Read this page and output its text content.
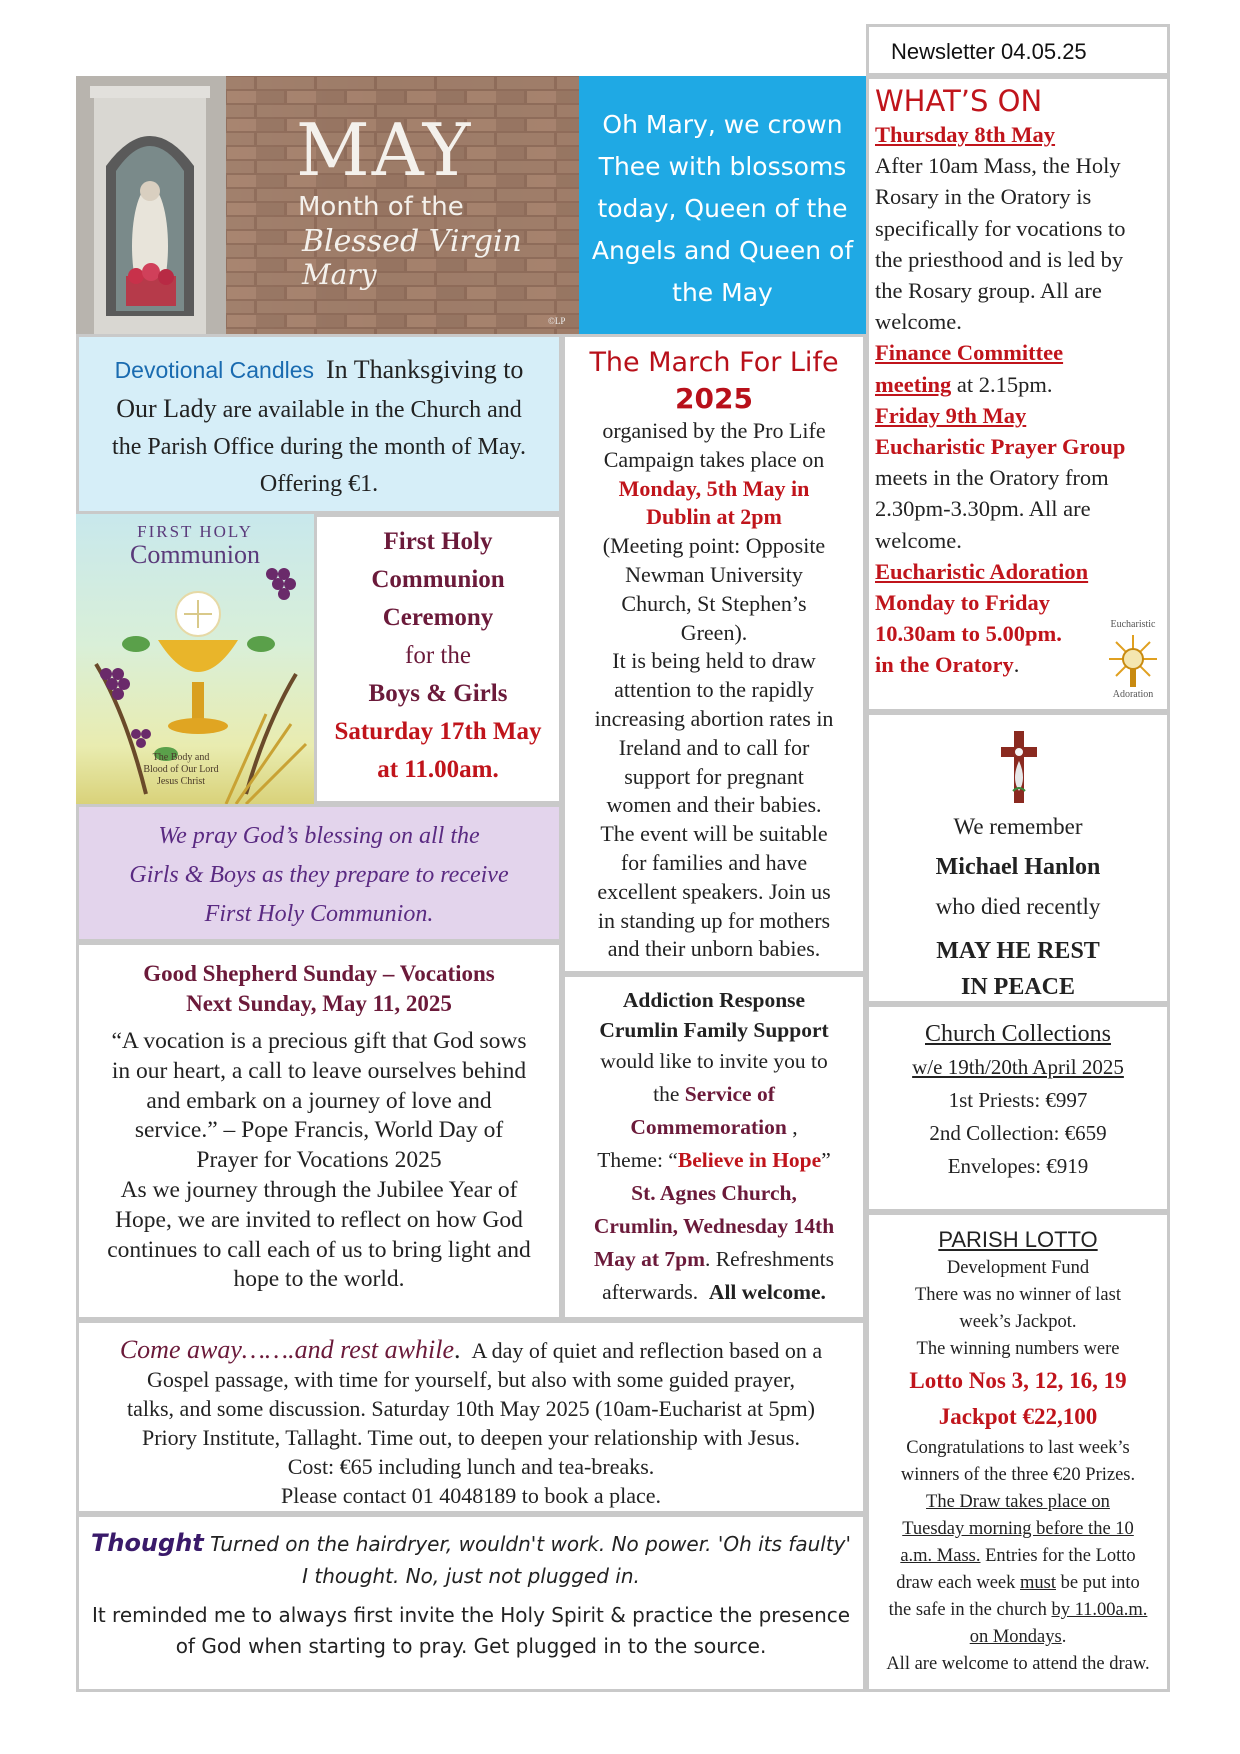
Newsletter 04.05.25
MAY
Month of the
Blessed Virgin
Mary
©LP
Oh Mary, we crown Thee with blossoms today, Queen of the Angels and Queen of the May

Devotional Candles In Thanksgiving to

Our Lady are available in the Church and

the Parish Office during the month of May.

Offering €1.

FIRST HOLY
Communion

The Body and

Blood of Our Lord

Jesus Christ

First Holy

Communion

Ceremony

for the

Boys & Girls

Saturday 17th May

at 11.00am.

We pray God’s blessing on all the

Girls & Boys as they prepare to receive

First Holy Communion.

The March For Life

2025

organised by the Pro Life

Campaign takes place on

Monday, 5th May in

Dublin at 2pm

(Meeting point: Opposite

Newman University

Church, St Stephen’s

Green).

It is being held to draw

attention to the rapidly

increasing abortion rates in

Ireland and to call for

support for pregnant

women and their babies.

The event will be suitable

for families and have

excellent speakers. Join us

in standing up for mothers

and their unborn babies.

WHAT’S ON

Thursday 8th May

After 10am Mass, the Holy

Rosary in the Oratory is

specifically for vocations to

the priesthood and is led by

the Rosary group. All are

welcome.

Finance Committee

meeting at 2.15pm.

Friday 9th May

Eucharistic Prayer Group

meets in the Oratory from

2.30pm-3.30pm. All are

welcome.

Eucharistic Adoration

Monday to Friday

10.30am to 5.00pm.

in the Oratory.

Eucharistic
Adoration

We remember

Michael Hanlon

who died recently

MAY HE REST

IN PEACE

Good Shepherd Sunday – Vocations

Next Sunday, May 11, 2025

“A vocation is a precious gift that God sows

in our heart, a call to leave ourselves behind

and embark on a journey of love and

service.” – Pope Francis, World Day of

Prayer for Vocations 2025

As we journey through the Jubilee Year of

Hope, we are invited to reflect on how God

continues to call each of us to bring light and

hope to the world.

Addiction Response

Crumlin Family Support

would like to invite you to

the Service of

Commemoration ,

Theme: “Believe in Hope”

St. Agnes Church,

Crumlin, Wednesday 14th

May at 7pm. Refreshments

afterwards. All welcome.

Church Collections

w/e 19th/20th April 2025

1st Priests: €997

2nd Collection: €659

Envelopes: €919

PARISH LOTTO

Development Fund

There was no winner of last

week’s Jackpot.

The winning numbers were

Lotto Nos 3, 12, 16, 19

Jackpot €22,100

Congratulations to last week’s

winners of the three €20 Prizes.

The Draw takes place on

Tuesday morning before the 10

a.m. Mass. Entries for the Lotto

draw each week must be put into

the safe in the church by 11.00a.m.

on Mondays.

All are welcome to attend the draw.

Come away…….and rest awhile. A day of quiet and reflection based on a

Gospel passage, with time for yourself, but also with some guided prayer,

talks, and some discussion. Saturday 10th May 2025 (10am-Eucharist at 5pm)

Priory Institute, Tallaght. Time out, to deepen your relationship with Jesus.

Cost: €65 including lunch and tea-breaks.

Please contact 01 4048189 to book a place.

Thought Turned on the hairdryer, wouldn't work. No power. 'Oh its faulty'

I thought. No, just not plugged in.

It reminded me to always first invite the Holy Spirit & practice the presence

of God when starting to pray. Get plugged in to the source.
